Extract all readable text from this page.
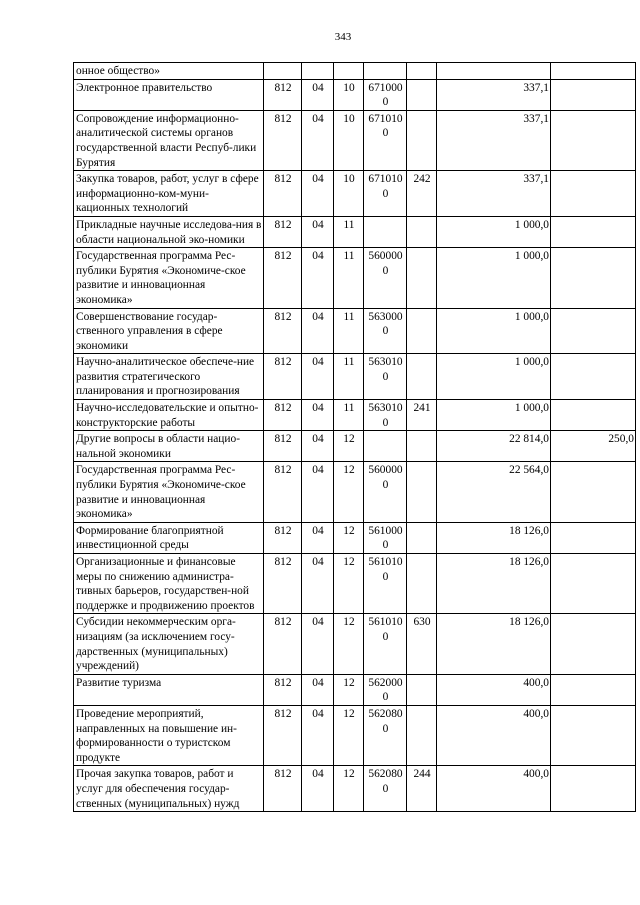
343
онное общество»							
Электронное правительство	812	04	10	6710000		337,1	
Сопровождение информационно-аналитической системы органов государственной власти Респуб-лики Бурятия	812	04	10	6710100		337,1	
Закупка товаров, работ, услуг в сфере информационно-ком-муни-кационных технологий	812	04	10	6710100	242	337,1	
Прикладные научные исследова-ния в области национальной эко-номики	812	04	11			1 000,0	
Государственная программа Рес-публики Бурятия «Экономиче-ское развитие и инновационная экономика»	812	04	11	5600000		1 000,0	
Совершенствование государ-ственного управления в сфере экономики	812	04	11	5630000		1 000,0	
Научно-аналитическое обеспече-ние развития стратегического планирования и прогнозирования	812	04	11	5630100		1 000,0	
Научно-исследовательские и опытно-конструкторские работы	812	04	11	5630100	241	1 000,0	
Другие вопросы в области нацио-нальной экономики	812	04	12			22 814,0	250,0
Государственная программа Рес-публики Бурятия «Экономиче-ское развитие и инновационная экономика»	812	04	12	5600000		22 564,0	
Формирование благоприятной инвестиционной среды	812	04	12	5610000		18 126,0	
Организационные и финансовые меры по снижению администра-тивных барьеров, государствен-ной поддержке и продвижению проектов	812	04	12	5610100		18 126,0	
Субсидии некоммерческим орга-низациям (за исключением госу-дарственных (муниципальных) учреждений)	812	04	12	5610100	630	18 126,0	
Развитие туризма	812	04	12	5620000		400,0	
Проведение мероприятий, направленных на повышение ин-формированности о туристском продукте	812	04	12	5620800		400,0	
Прочая закупка товаров, работ и услуг для обеспечения государ-ственных (муниципальных) нужд	812	04	12	5620800	244	400,0	
